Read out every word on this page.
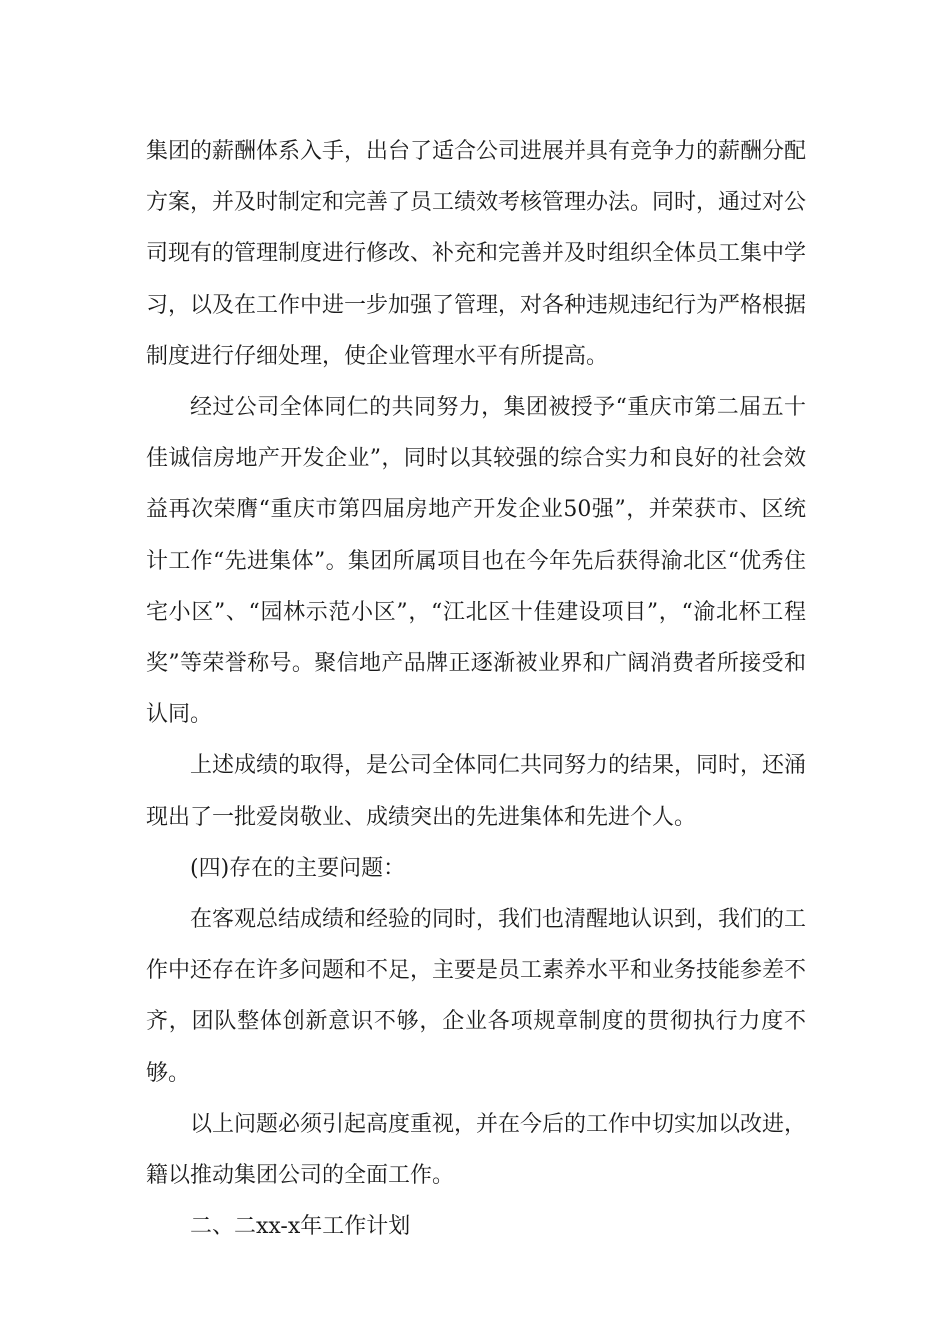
集团的薪酬体系入手，出台了适合公司进展并具有竞争力的薪酬分配方案，并及时制定和完善了员工绩效考核管理办法。同时，通过对公司现有的管理制度进行修改、补充和完善并及时组织全体员工集中学习，以及在工作中进一步加强了管理，对各种违规违纪行为严格根据制度进行仔细处理，使企业管理水平有所提高。

经过公司全体同仁的共同努力，集团被授予“重庆市第二届五十佳诚信房地产开发企业”，同时以其较强的综合实力和良好的社会效益再次荣膺“重庆市第四届房地产开发企业50强”，并荣获市、区统计工作“先进集体”。集团所属项目也在今年先后获得渝北区“优秀住宅小区”、“园林示范小区”，“江北区十佳建设项目”，“渝北杯工程奖”等荣誉称号。聚信地产品牌正逐渐被业界和广阔消费者所接受和认同。

上述成绩的取得，是公司全体同仁共同努力的结果，同时，还涌现出了一批爱岗敬业、成绩突出的先进集体和先进个人。

(四)存在的主要问题：

在客观总结成绩和经验的同时，我们也清醒地认识到，我们的工作中还存在许多问题和不足，主要是员工素养水平和业务技能参差不齐，团队整体创新意识不够，企业各项规章制度的贯彻执行力度不够。

以上问题必须引起高度重视，并在今后的工作中切实加以改进，籍以推动集团公司的全面工作。

二、二xx-x年工作计划
